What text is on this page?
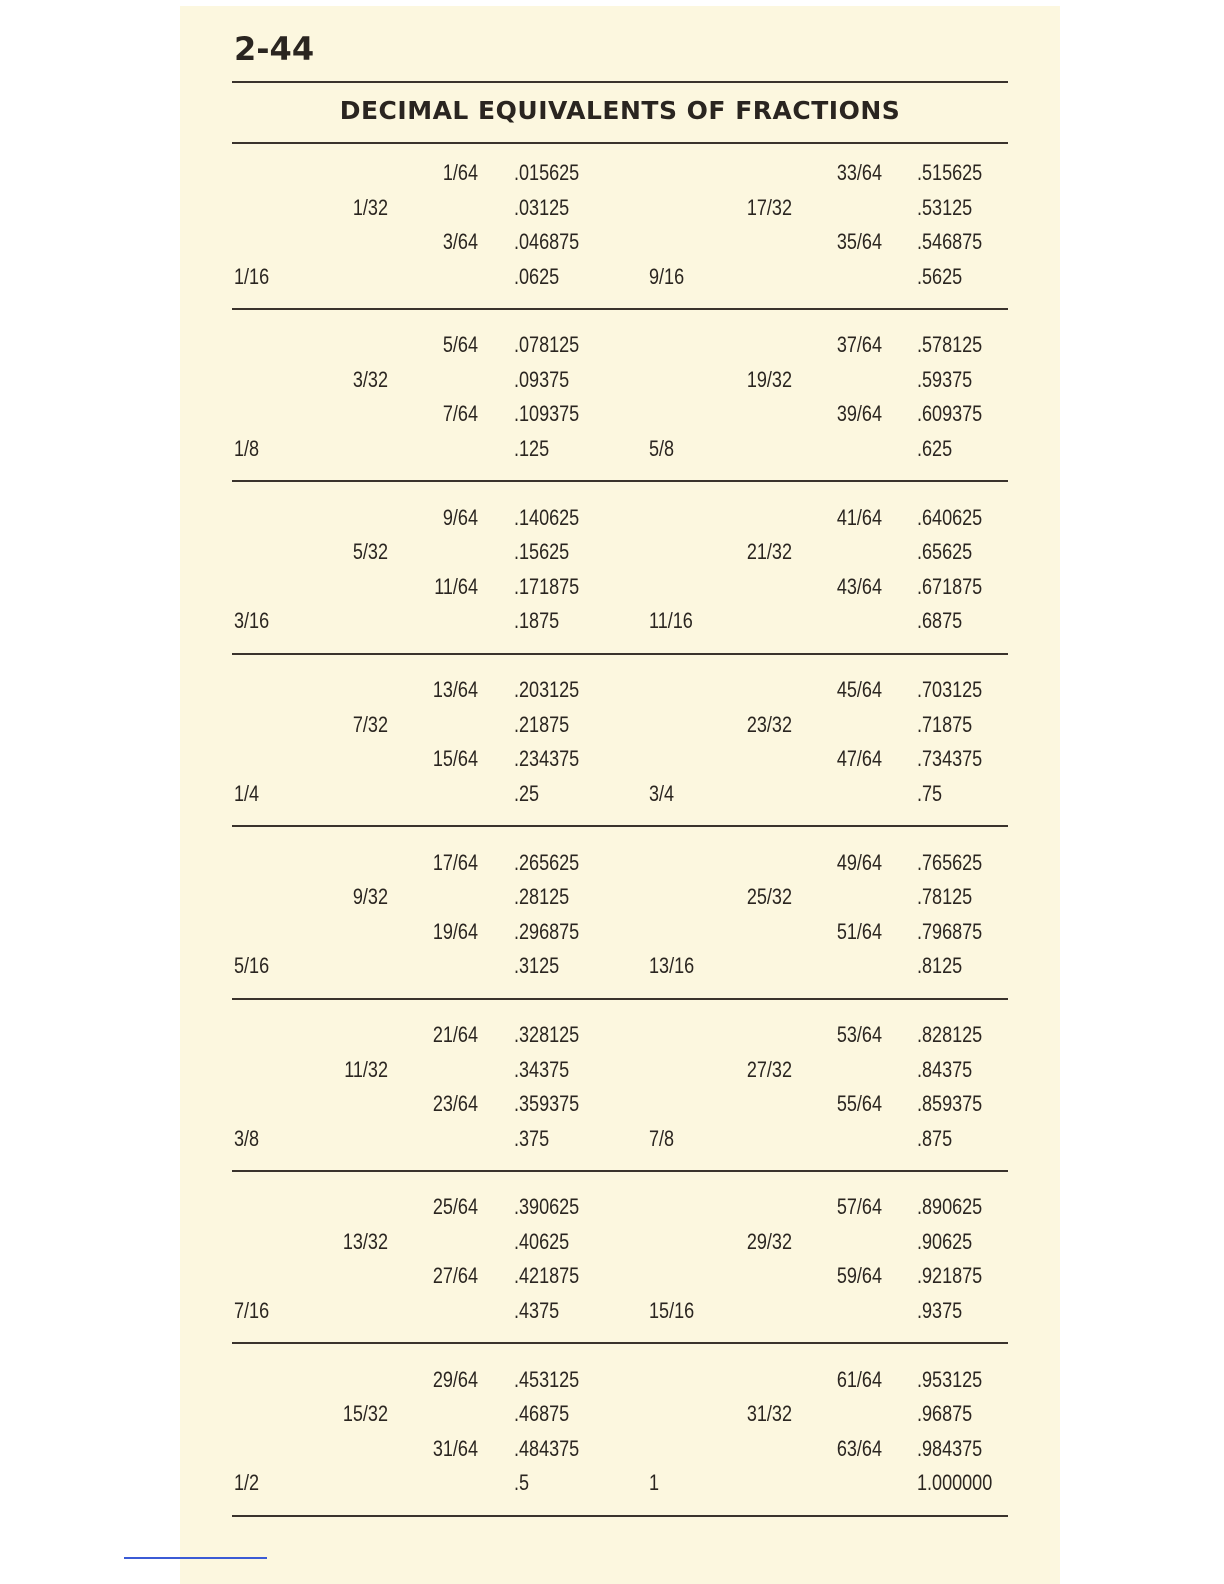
2-44
DECIMAL EQUIVALENTS OF FRACTIONS
1/64 .015625	33/64 .515625
1/32	.03125	17/32	.53125
3/64 .046875	35/64 .546875
1/16	.0625	9/16	.5625
5/64 .078125	37/64 .578125
3/32	.09375	19/32	.59375
7/64 .109375	39/64 .609375
1/8	.125	5/8	.625
9/64 .140625	41/64 .640625
5/32	.15625	21/32	.65625
11/64 .171875	43/64 .671875
3/16	.1875	11/16	.6875
13/64 .203125	45/64 .703125
7/32	.21875	23/32	.71875
15/64 .234375	47/64 .734375
1/4	.25	3/4	.75
17/64 .265625	49/64 .765625
9/32	.28125	25/32	.78125
19/64 .296875	51/64 .796875
5/16	.3125	13/16	.8125
21/64 .328125	53/64 .828125
11/32	.34375	27/32	.84375
23/64 .359375	55/64 .859375
3/8	.375	7/8	.875
25/64 .390625	57/64 .890625
13/32	.40625	29/32	.90625
27/64 .421875	59/64 .921875
7/16	.4375	15/16	.9375
29/64 .453125	61/64 .953125
15/32	.46875	31/32	.96875
31/64 .484375	63/64 .984375
1/2	.5	1	1.000000
